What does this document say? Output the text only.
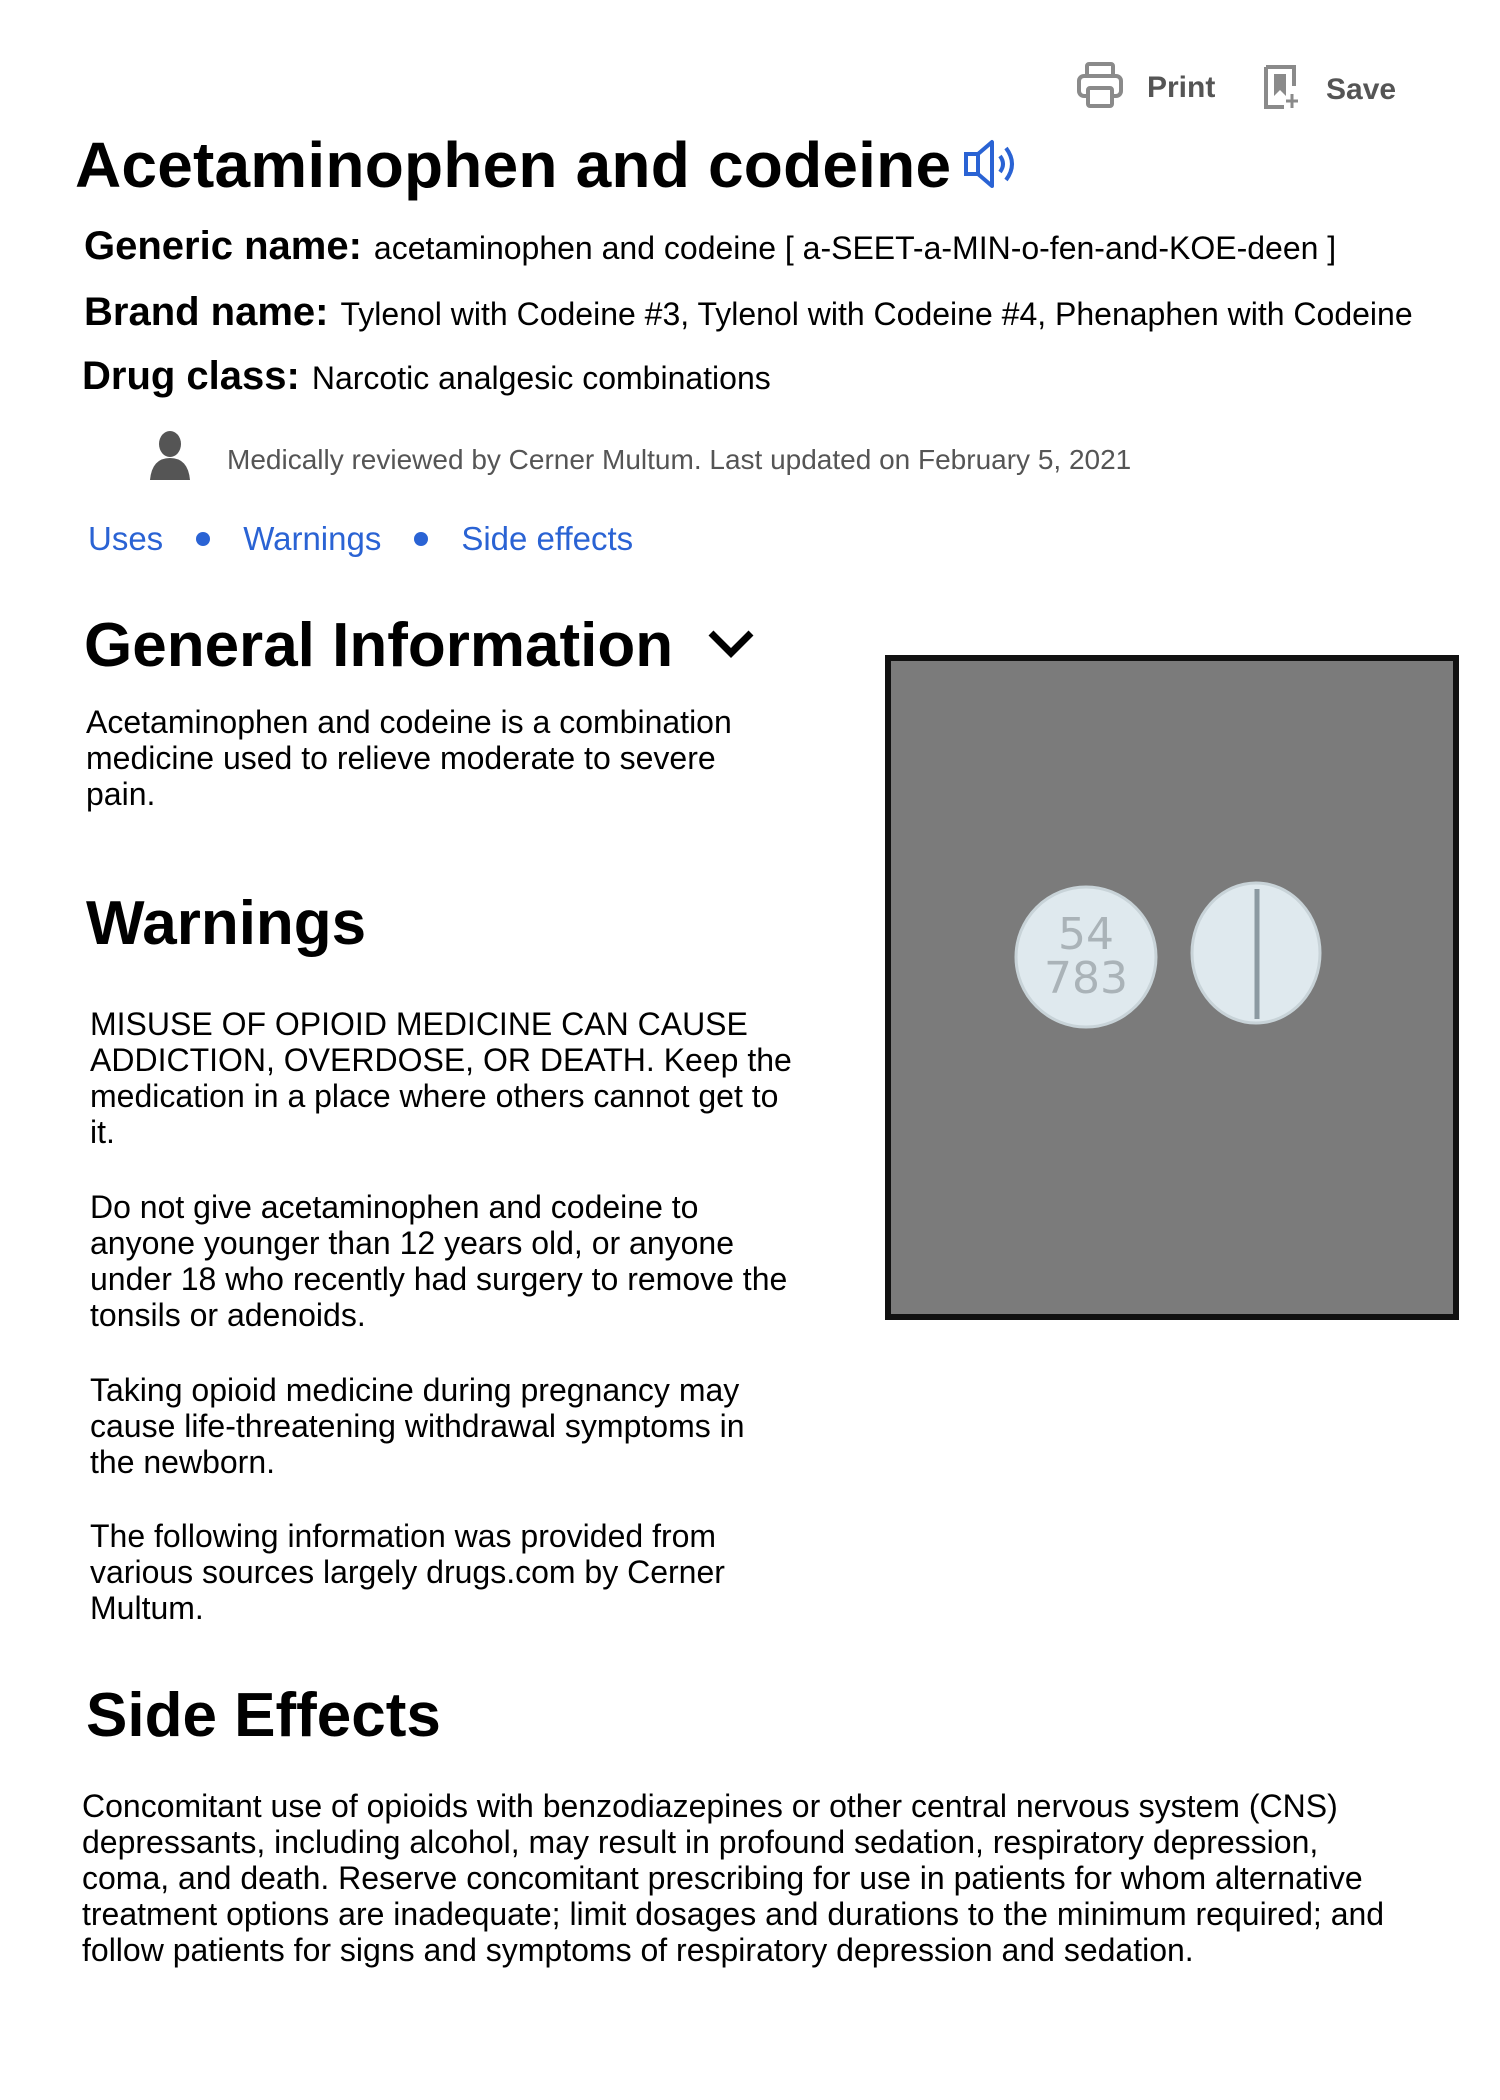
Print	Save
Acetaminophen and codeine
Generic name: acetaminophen and codeine [ a-SEET-a-MIN-o-fen-and-KOE-deen ]
Brand name: Tylenol with Codeine #3, Tylenol with Codeine #4, Phenaphen with Codeine
Drug class: Narcotic analgesic combinations
Medically reviewed by Cerner Multum. Last updated on February 5, 2021
Uses Warnings Side effects
General Information
Acetaminophen and codeine is a combination
medicine used to relieve moderate to severe
pain.
54
783
Warnings
MISUSE OF OPIOID MEDICINE CAN CAUSE
ADDICTION, OVERDOSE, OR DEATH. Keep the
medication in a place where others cannot get to
it.
Do not give acetaminophen and codeine to
anyone younger than 12 years old, or anyone
under 18 who recently had surgery to remove the
tonsils or adenoids.
Taking opioid medicine during pregnancy may
cause life-threatening withdrawal symptoms in
the newborn.
The following information was provided from
various sources largely drugs.com by Cerner
Multum.
Side Effects
Concomitant use of opioids with benzodiazepines or other central nervous system (CNS)
depressants, including alcohol, may result in profound sedation, respiratory depression,
coma, and death. Reserve concomitant prescribing for use in patients for whom alternative
treatment options are inadequate; limit dosages and durations to the minimum required; and
follow patients for signs and symptoms of respiratory depression and sedation.
